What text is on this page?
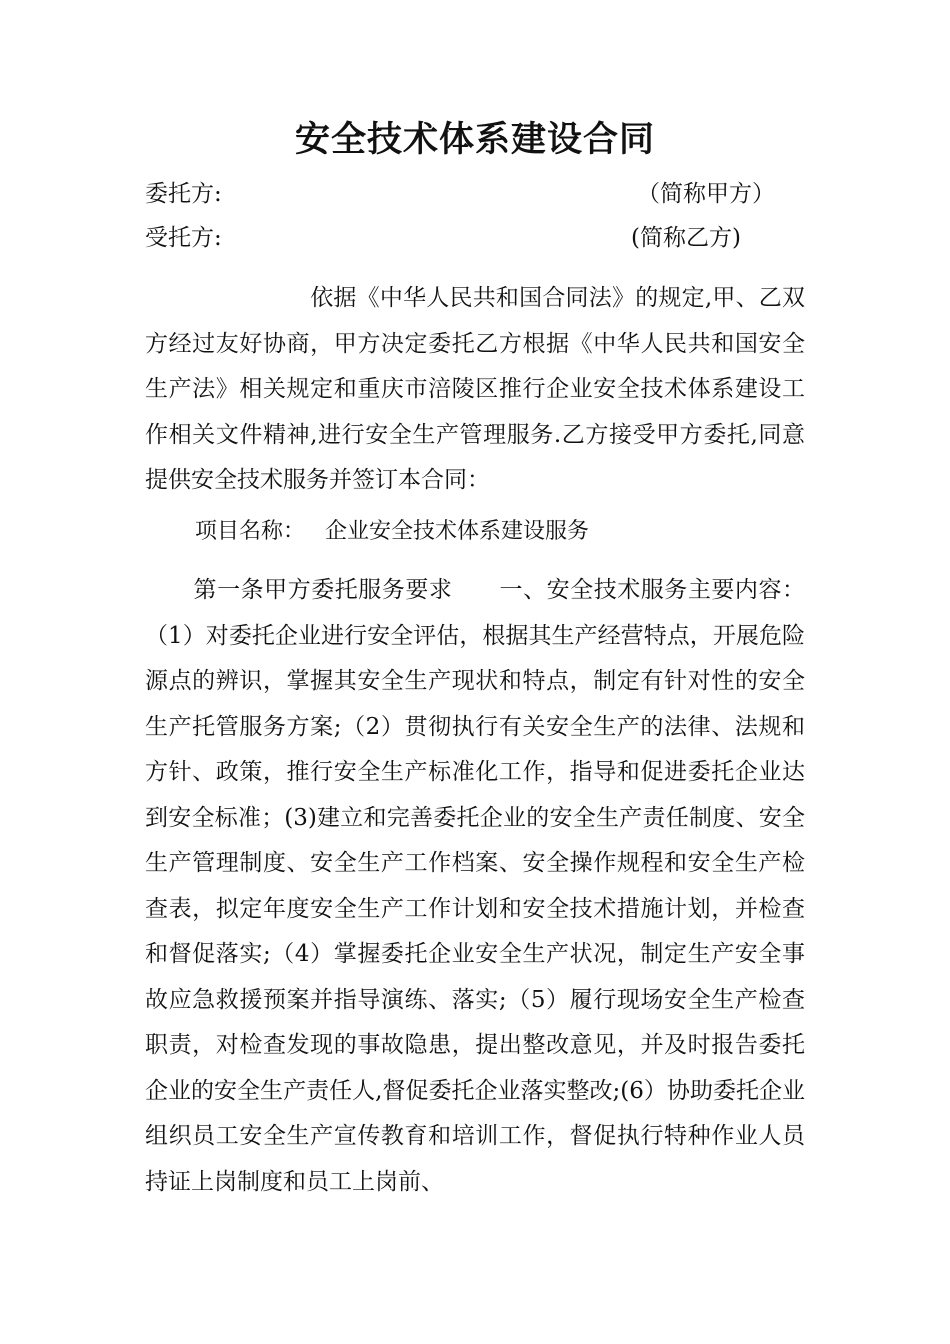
安全技术体系建设合同
委托方:	（简称甲方）
受托方:	(简称乙方)

依据《中华人民共和国合同法》的规定,甲、乙双方经过友好协商，甲方决定委托乙方根据《中华人民共和国安全生产法》相关规定和重庆市涪陵区推行企业安全技术体系建设工作相关文件精神,进行安全生产管理服务.乙方接受甲方委托,同意提供安全技术服务并签订本合同：

项目名称： 企业安全技术体系建设服务

第一条甲方委托服务要求　　一、安全技术服务主要内容：（1）对委托企业进行安全评估，根据其生产经营特点，开展危险源点的辨识，掌握其安全生产现状和特点，制定有针对性的安全生产托管服务方案;（2）贯彻执行有关安全生产的法律、法规和方针、政策，推行安全生产标准化工作，指导和促进委托企业达到安全标准；(3)建立和完善委托企业的安全生产责任制度、安全生产管理制度、安全生产工作档案、安全操作规程和安全生产检查表，拟定年度安全生产工作计划和安全技术措施计划，并检查和督促落实;（4）掌握委托企业安全生产状况，制定生产安全事故应急救援预案并指导演练、落实;（5）履行现场安全生产检查职责，对检查发现的事故隐患，提出整改意见，并及时报告委托企业的安全生产责任人,督促委托企业落实整改;(6）协助委托企业组织员工安全生产宣传教育和培训工作，督促执行特种作业人员持证上岗制度和员工上岗前、
